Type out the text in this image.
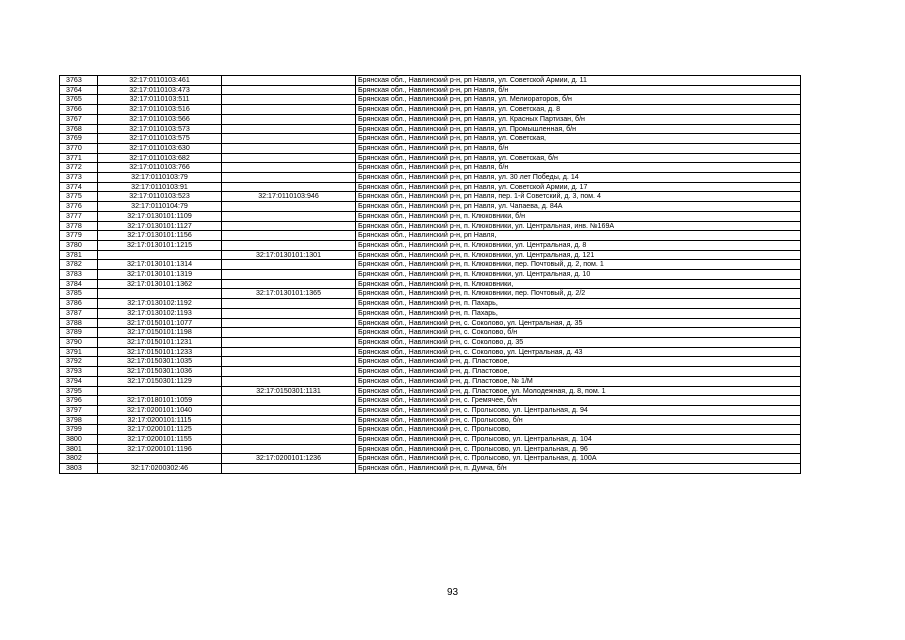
3763	32:17:0110103:461		Брянская обл., Навлинский р-н, рп Навля, ул. Советской Армии, д. 11
3764	32:17:0110103:473		Брянская обл., Навлинский р-н, рп Навля, б/н
3765	32:17:0110103:511		Брянская обл., Навлинский р-н, рп Навля, ул. Мелиораторов, б/н
3766	32:17:0110103:516		Брянская обл., Навлинский р-н, рп Навля, ул. Советская, д. 8
3767	32:17:0110103:566		Брянская обл., Навлинский р-н, рп Навля, ул. Красных Партизан, б/н
3768	32:17:0110103:573		Брянская обл., Навлинский р-н, рп Навля, ул. Промышленная, б/н
3769	32:17:0110103:575		Брянская обл., Навлинский р-н, рп Навля, ул. Советская,
3770	32:17:0110103:630		Брянская обл., Навлинский р-н, рп Навля, б/н
3771	32:17:0110103:682		Брянская обл., Навлинский р-н, рп Навля, ул. Советская, б/н
3772	32:17:0110103:766		Брянская обл., Навлинский р-н, рп Навля, б/н
3773	32:17:0110103:79		Брянская обл., Навлинский р-н, рп Навля, ул. 30 лет Победы, д. 14
3774	32:17:0110103:91		Брянская обл., Навлинский р-н, рп Навля, ул. Советской Армии, д. 17
3775	32:17:0110103:523	32:17:0110103:946	Брянская обл., Навлинский р-н, рп Навля, пер. 1-й Советский, д. 3, пом. 4
3776	32:17:0110104:79		Брянская обл., Навлинский р-н, рп Навля, ул. Чапаева, д. 84А
3777	32:17:0130101:1109		Брянская обл., Навлинский р-н, п. Клюковники, б/н
3778	32:17:0130101:1127		Брянская обл., Навлинский р-н, п. Клюковники, ул. Центральная, инв. №169А
3779	32:17:0130101:1156		Брянская обл., Навлинский р-н, рп Навля,
3780	32:17:0130101:1215		Брянская обл., Навлинский р-н, п. Клюковники, ул. Центральная, д. 8
3781		32:17:0130101:1301	Брянская обл., Навлинский р-н, п. Клюковники, ул. Центральная, д. 121
3782	32:17:0130101:1314		Брянская обл., Навлинский р-н, п. Клюковники, пер. Почтовый, д. 2, пом. 1
3783	32:17:0130101:1319		Брянская обл., Навлинский р-н, п. Клюковники, ул. Центральная, д. 10
3784	32:17:0130101:1362		Брянская обл., Навлинский р-н, п. Клюковники,
3785		32:17:0130101:1365	Брянская обл., Навлинский р-н, п. Клюковники, пер. Почтовый, д. 2/2
3786	32:17:0130102:1192		Брянская обл., Навлинский р-н, п. Пахарь,
3787	32:17:0130102:1193		Брянская обл., Навлинский р-н, п. Пахарь,
3788	32:17:0150101:1077		Брянская обл., Навлинский р-н, с. Соколово, ул. Центральная, д. 35
3789	32:17:0150101:1198		Брянская обл., Навлинский р-н, с. Соколово, б/н
3790	32:17:0150101:1231		Брянская обл., Навлинский р-н, с. Соколово, д. 35
3791	32:17:0150101:1233		Брянская обл., Навлинский р-н, с. Соколово, ул. Центральная, д. 43
3792	32:17:0150301:1035		Брянская обл., Навлинский р-н, д. Пластовое,
3793	32:17:0150301:1036		Брянская обл., Навлинский р-н, д. Пластовое,
3794	32:17:0150301:1129		Брянская обл., Навлинский р-н, д. Пластовое, № 1/М
3795		32:17:0150301:1131	Брянская обл., Навлинский р-н, д. Пластовое, ул. Молодежная, д. 8, пом. 1
3796	32:17:0180101:1059		Брянская обл., Навлинский р-н, с. Гремячее, б/н
3797	32:17:0200101:1040		Брянская обл., Навлинский р-н, с. Пролысово, ул. Центральная, д. 94
3798	32:17:0200101:1115		Брянская обл., Навлинский р-н, с. Пролысово, б/н
3799	32:17:0200101:1125		Брянская обл., Навлинский р-н, с. Пролысово,
3800	32:17:0200101:1155		Брянская обл., Навлинский р-н, с. Пролысово, ул. Центральная, д. 104
3801	32:17:0200101:1196		Брянская обл., Навлинский р-н, с. Пролысово, ул. Центральная, д. 96
3802		32:17:0200101:1236	Брянская обл., Навлинский р-н, с. Пролысово, ул. Центральная, д. 100А
3803	32:17:0200302:46		Брянская обл., Навлинский р-н, п. Думча, б/н
93
